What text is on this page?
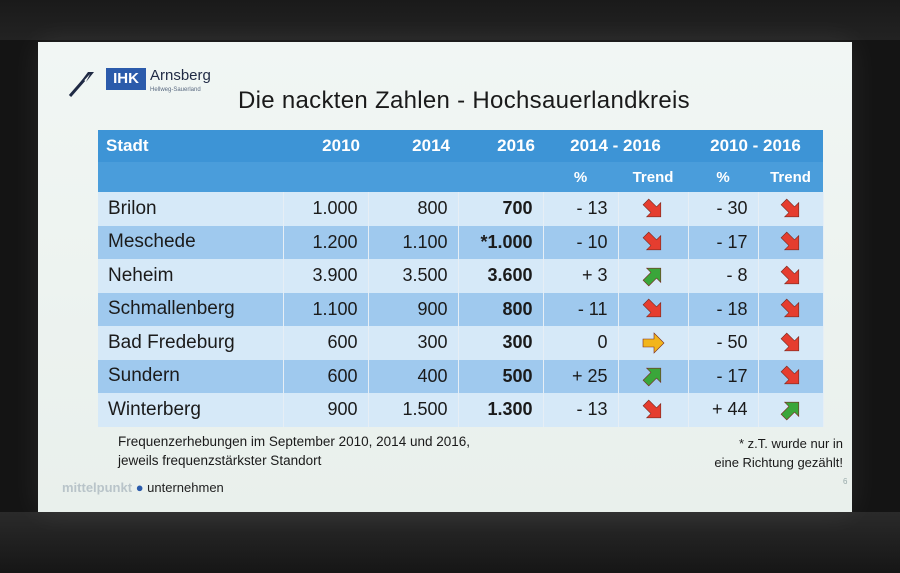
IHK Arnsberg
Hellweg-Sauerland Die nackten Zahlen - Hochsauerlandkreis
Stadt	2010	2014	2016	2014 - 2016		2010 - 2016	
				%	Trend	%	Trend
Brilon	1.000	800	700	- 13		- 30	
Meschede	1.200	1.100	*1.000	- 10		- 17	
Neheim	3.900	3.500	3.600	+ 3		- 8	
Schmallenberg	1.100	900	800	- 11		- 18	
Bad Fredeburg	600	300	300	0		- 50	
Sundern	600	400	500	+ 25		- 17	
Winterberg	900	1.500	1.300	- 13		+ 44	
Frequenzerhebungen im September 2010, 2014 und 2016,
jeweils frequenzstärkster Standort
* z.T. wurde nur in
eine Richtung gezählt!
mittelpunkt ● unternehmen	6
